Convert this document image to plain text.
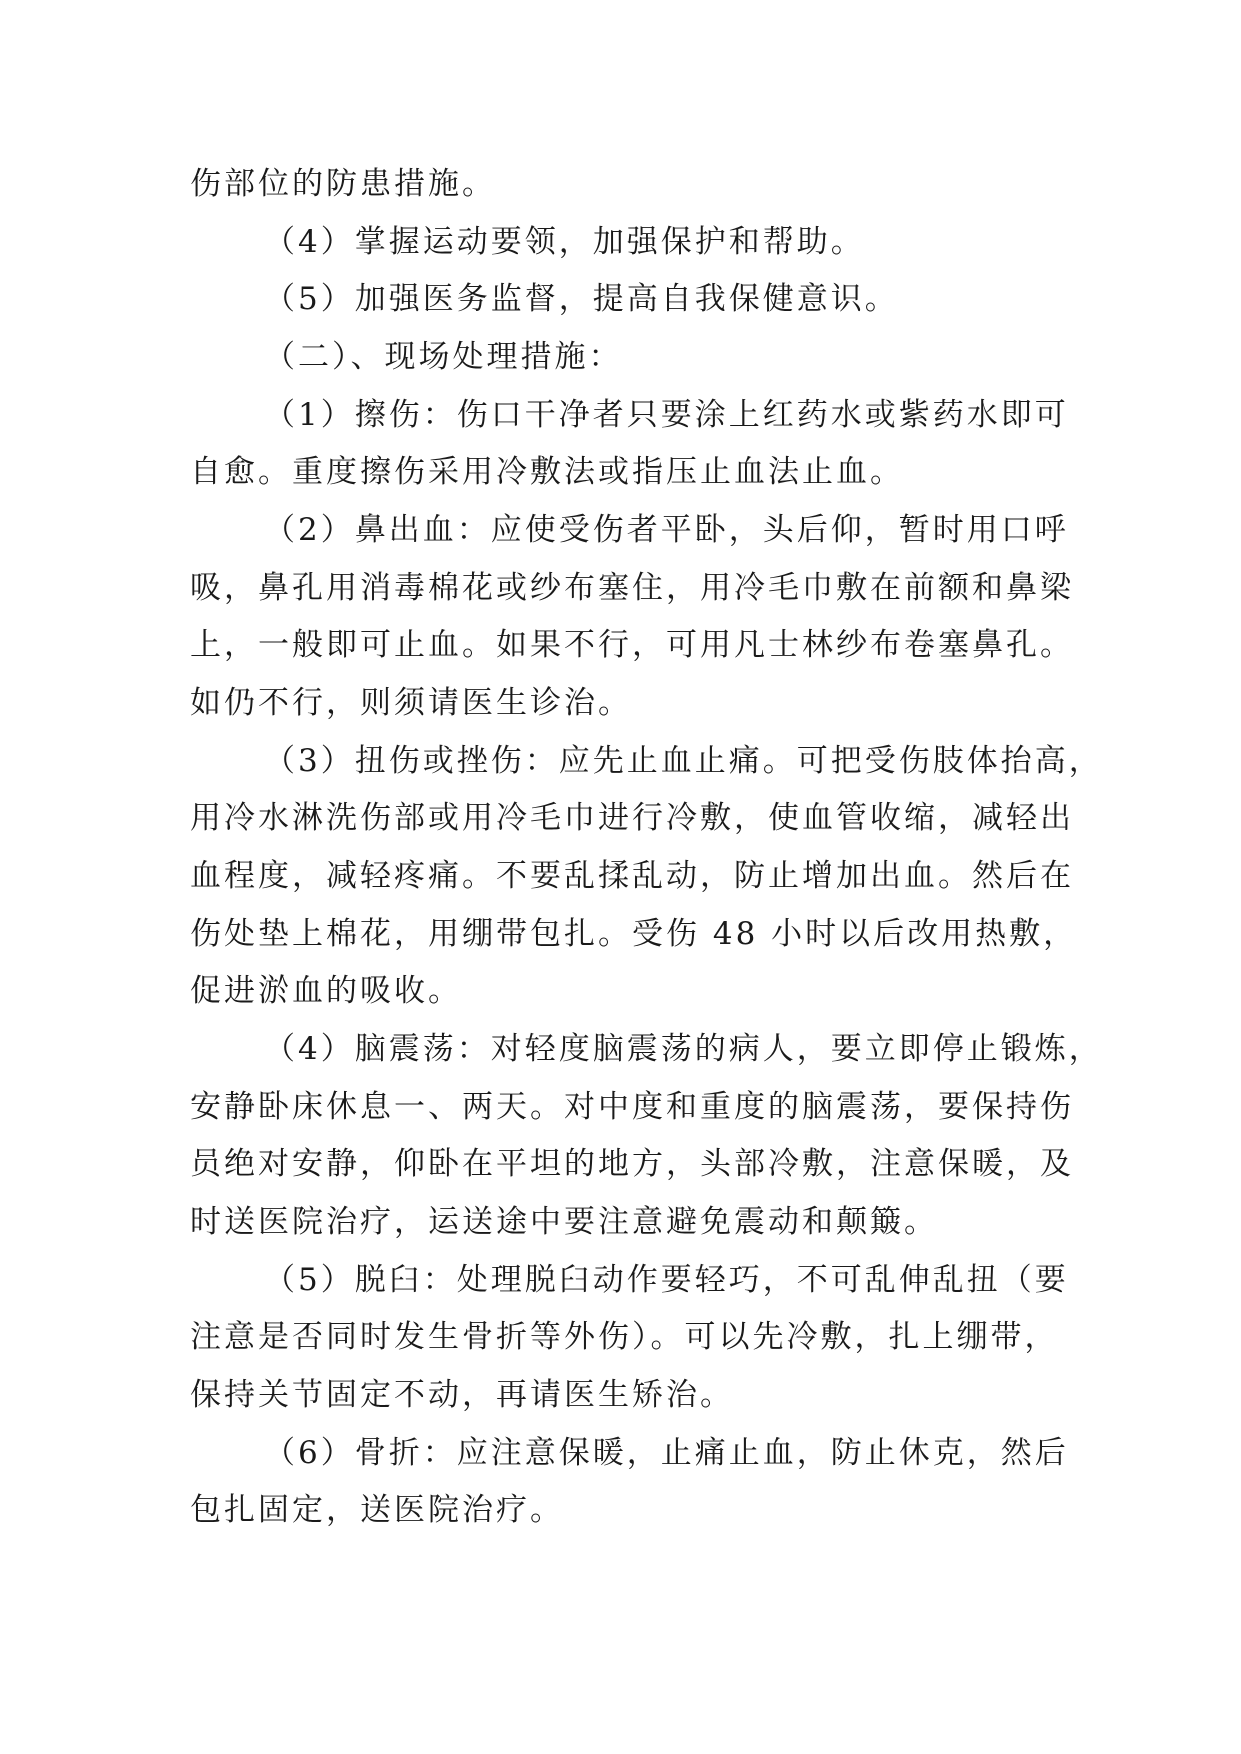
伤部位的防患措施。
（4）掌握运动要领，加强保护和帮助。
（5）加强医务监督，提高自我保健意识。
（二）、现场处理措施：
（1）擦伤：伤口干净者只要涂上红药水或紫药水即可
自愈。重度擦伤采用冷敷法或指压止血法止血。
（2）鼻出血：应使受伤者平卧，头后仰，暂时用口呼
吸，鼻孔用消毒棉花或纱布塞住，用冷毛巾敷在前额和鼻梁
上，一般即可止血。如果不行，可用凡士林纱布卷塞鼻孔。
如仍不行，则须请医生诊治。
（3）扭伤或挫伤：应先止血止痛。可把受伤肢体抬高，
用冷水淋洗伤部或用冷毛巾进行冷敷，使血管收缩，减轻出
血程度，减轻疼痛。不要乱揉乱动，防止增加出血。然后在
伤处垫上棉花，用绷带包扎。受伤 48 小时以后改用热敷，
促进淤血的吸收。
（4）脑震荡：对轻度脑震荡的病人，要立即停止锻炼，
安静卧床休息一、两天。对中度和重度的脑震荡，要保持伤
员绝对安静，仰卧在平坦的地方，头部冷敷，注意保暖，及
时送医院治疗，运送途中要注意避免震动和颠簸。
（5）脱臼：处理脱臼动作要轻巧，不可乱伸乱扭（要
注意是否同时发生骨折等外伤）。可以先冷敷，扎上绷带，
保持关节固定不动，再请医生矫治。
（6）骨折：应注意保暖，止痛止血，防止休克，然后
包扎固定，送医院治疗。
